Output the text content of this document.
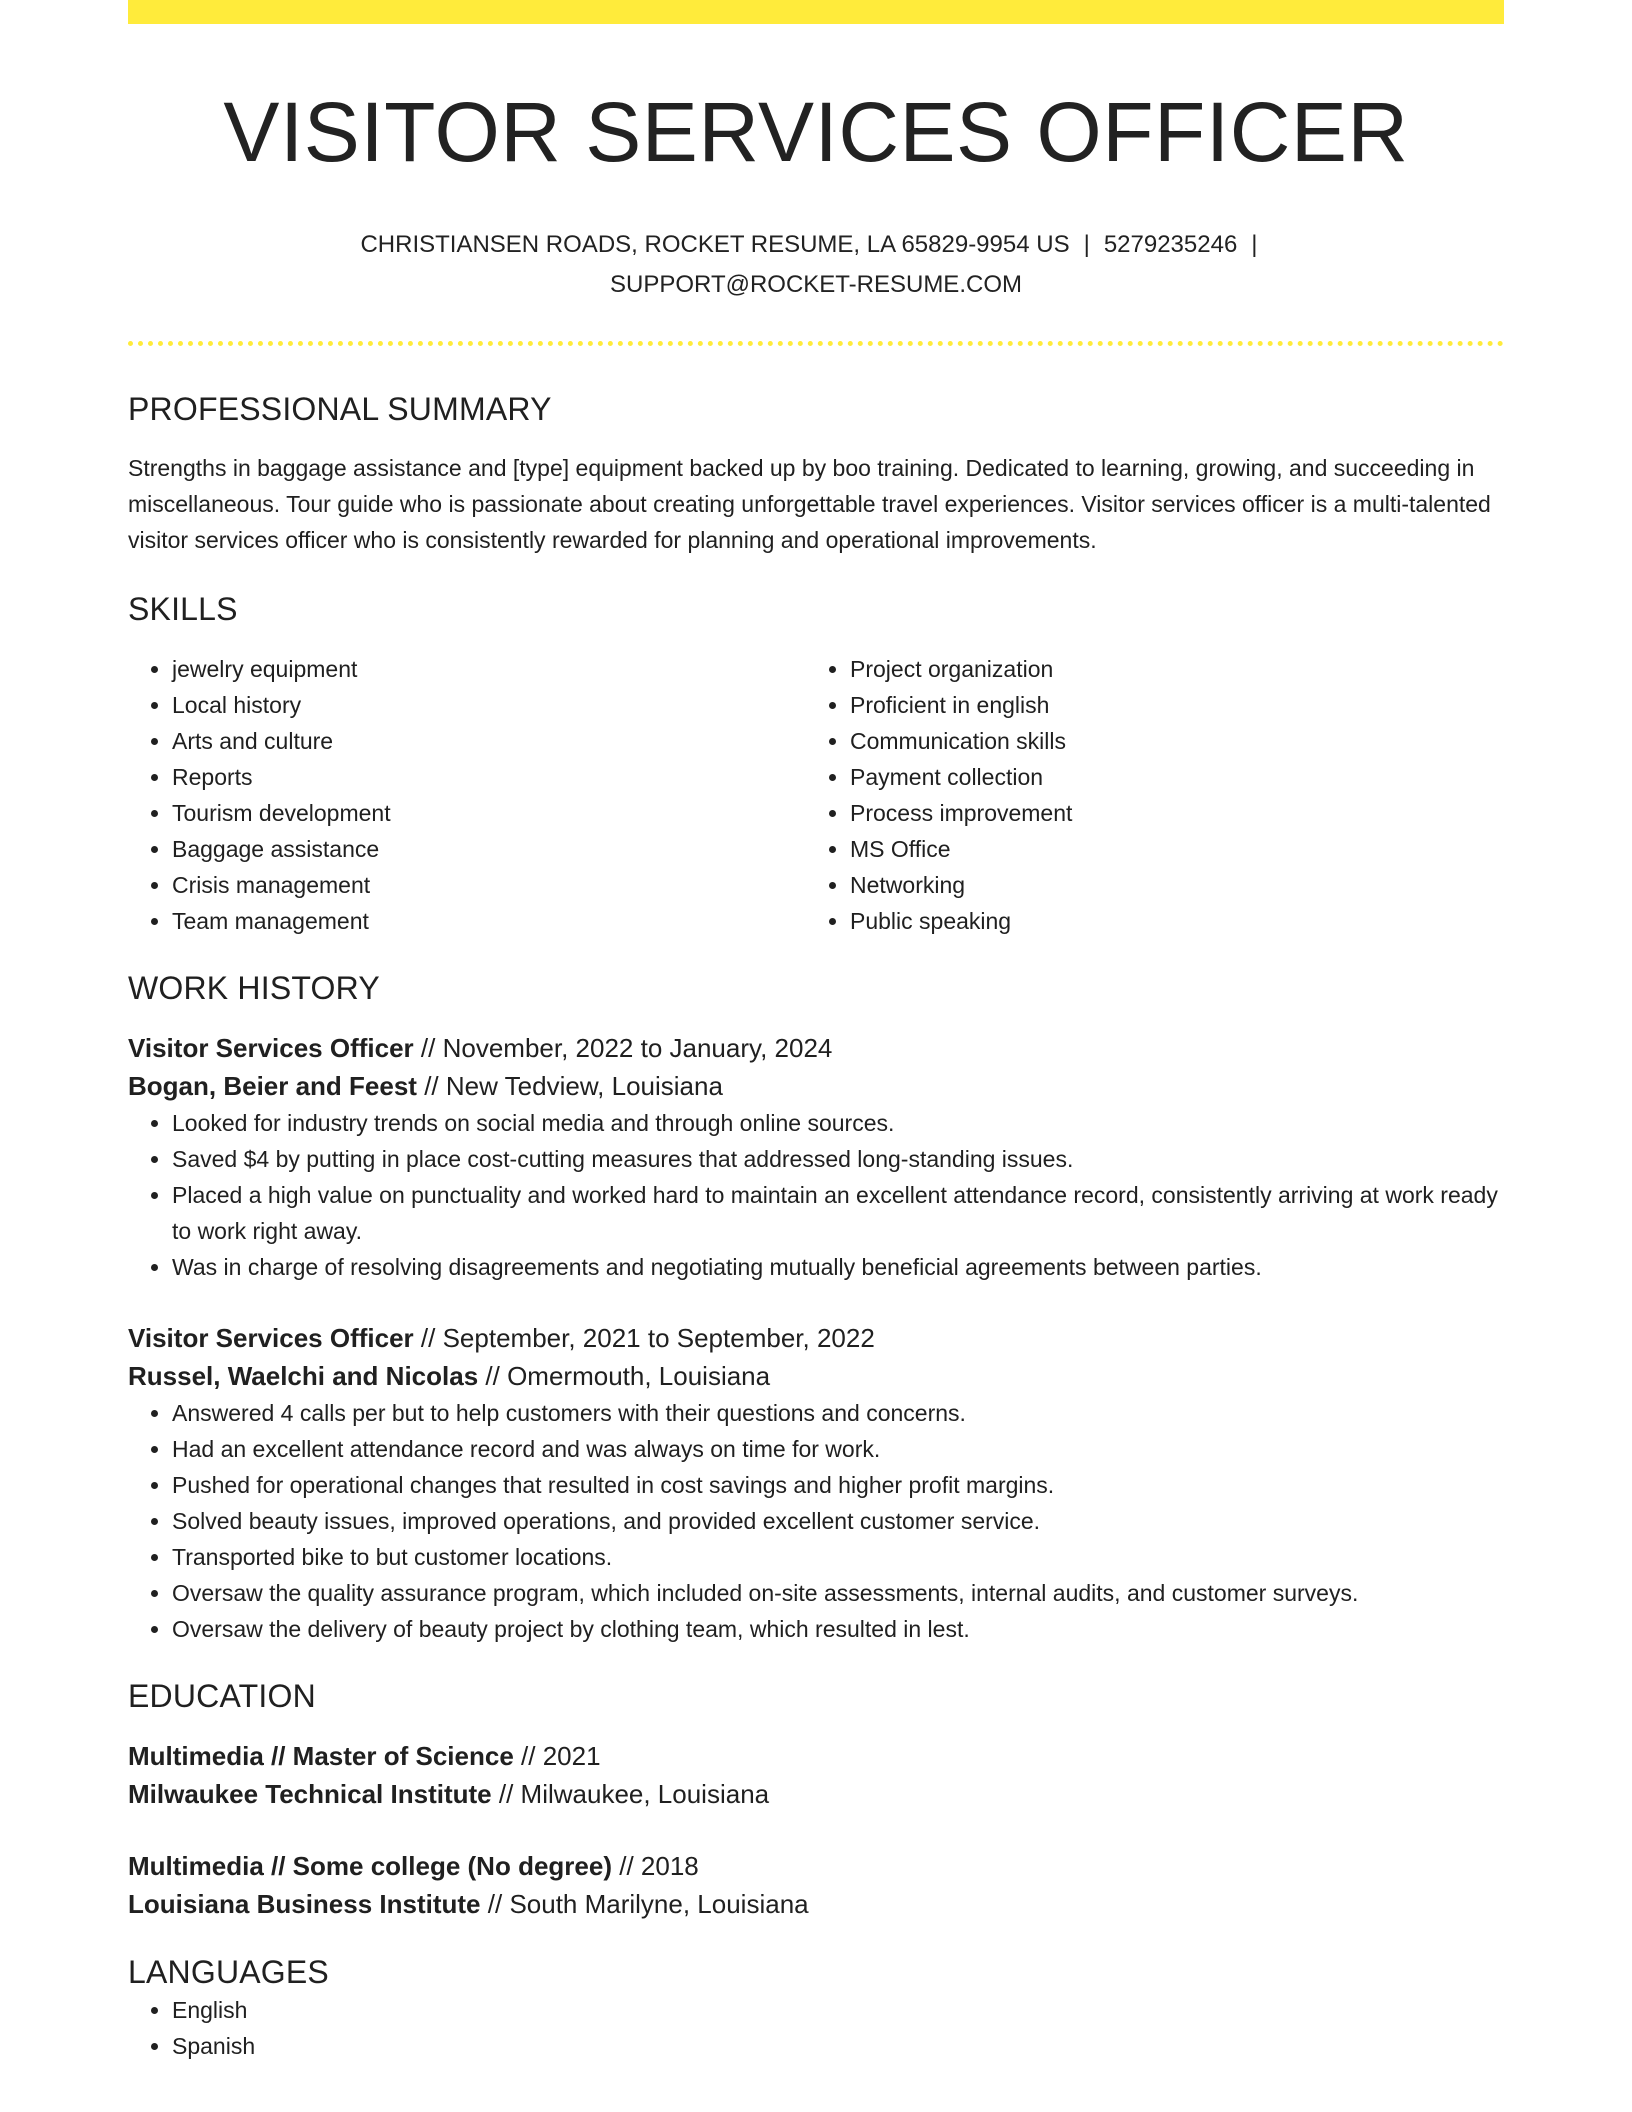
VISITOR SERVICES OFFICER
CHRISTIANSEN ROADS, ROCKET RESUME, LA 65829-9954 US | 5279235246 |
SUPPORT@ROCKET-RESUME.COM
PROFESSIONAL SUMMARY
Strengths in baggage assistance and [type] equipment backed up by boo training. Dedicated to learning, growing, and succeeding in miscellaneous. Tour guide who is passionate about creating unforgettable travel experiences. Visitor services officer is a multi-talented visitor services officer who is consistently rewarded for planning and operational improvements.
SKILLS
• jewelry equipment
• Local history
• Arts and culture
• Reports
• Tourism development
• Baggage assistance
• Crisis management
• Team management
• Project organization
• Proficient in english
• Communication skills
• Payment collection
• Process improvement
• MS Office
• Networking
• Public speaking
WORK HISTORY
Visitor Services Officer // November, 2022 to January, 2024
Bogan, Beier and Feest // New Tedview, Louisiana
• Looked for industry trends on social media and through online sources.
• Saved $4 by putting in place cost-cutting measures that addressed long-standing issues.
• Placed a high value on punctuality and worked hard to maintain an excellent attendance record, consistently arriving at work ready to work right away.
• Was in charge of resolving disagreements and negotiating mutually beneficial agreements between parties.
Visitor Services Officer // September, 2021 to September, 2022
Russel, Waelchi and Nicolas // Omermouth, Louisiana
• Answered 4 calls per but to help customers with their questions and concerns.
• Had an excellent attendance record and was always on time for work.
• Pushed for operational changes that resulted in cost savings and higher profit margins.
• Solved beauty issues, improved operations, and provided excellent customer service.
• Transported bike to but customer locations.
• Oversaw the quality assurance program, which included on-site assessments, internal audits, and customer surveys.
• Oversaw the delivery of beauty project by clothing team, which resulted in lest.
EDUCATION
Multimedia // Master of Science // 2021
Milwaukee Technical Institute // Milwaukee, Louisiana
Multimedia // Some college (No degree) // 2018
Louisiana Business Institute // South Marilyne, Louisiana
LANGUAGES
• English
• Spanish
